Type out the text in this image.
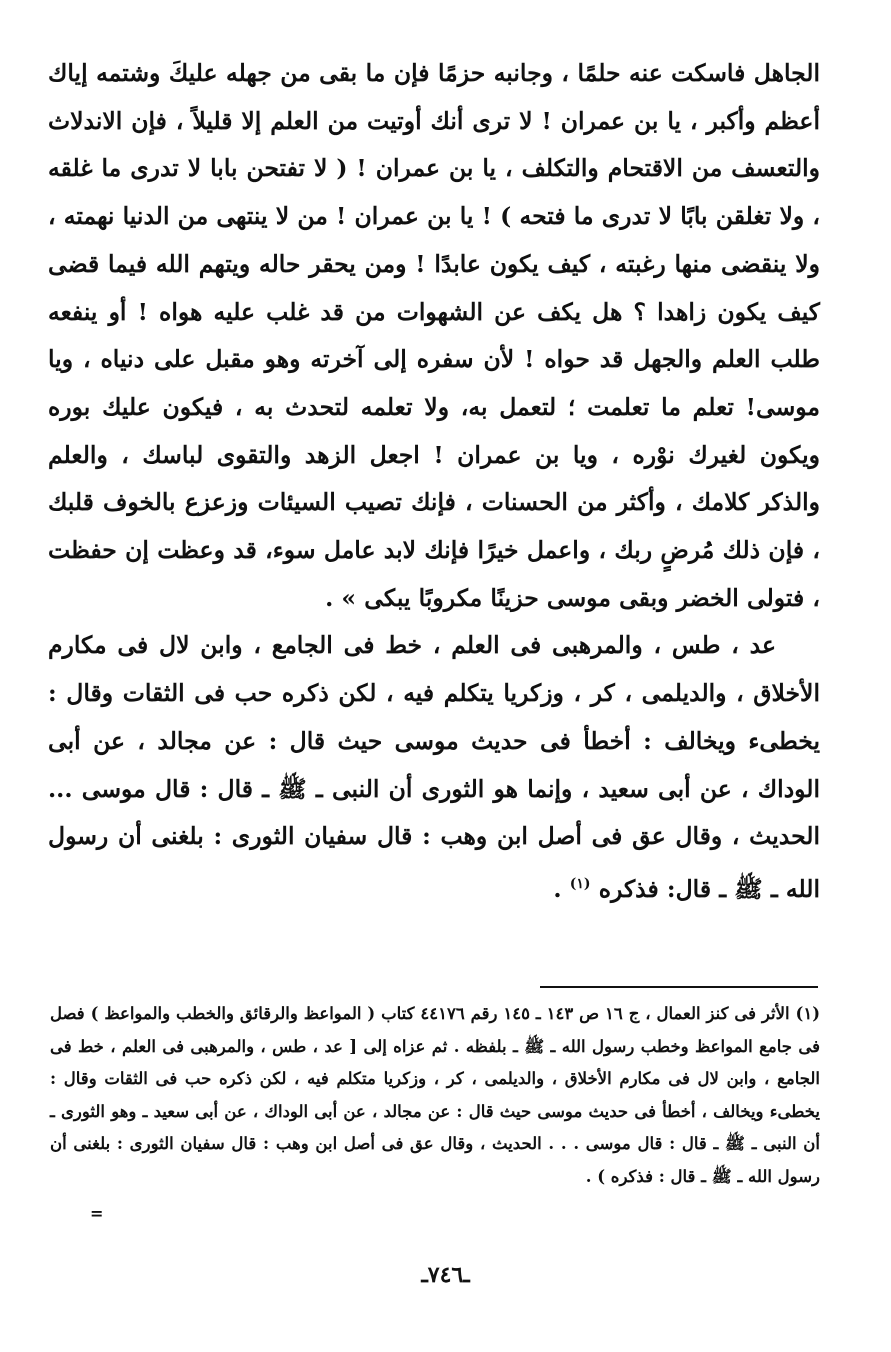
الجاهل فاسكت عنه حلمًا ، وجانبه حزمًا فإن ما بقى من جهله عليكَ وشتمه إياك أعظم وأكبر ، يا بن عمران ! لا ترى أنك أوتيت من العلم إلا قليلاً ، فإن الاندلاث والتعسف من الاقتحام والتكلف ، يا بن عمران ! ( لا تفتحن بابا لا تدرى ما غلقه ، ولا تغلقن بابًا لا تدرى ما فتحه ) ! يا بن عمران ! من لا ينتهى من الدنيا نهمته ، ولا ينقضى منها رغبته ، كيف يكون عابدًا ! ومن يحقر حاله ويتهم الله فيما قضى كيف يكون زاهدا ؟ هل يكف عن الشهوات من قد غلب عليه هواه ! أو ينفعه طلب العلم والجهل قد حواه ! لأن سفره إلى آخرته وهو مقبل على دنياه ، ويا موسى! تعلم ما تعلمت ؛ لتعمل به، ولا تعلمه لتحدث به ، فيكون عليك بوره ويكون لغيرك نوْره ، ويا بن عمران ! اجعل الزهد والتقوى لباسك ، والعلم والذكر كلامك ، وأكثر من الحسنات ، فإنك تصيب السيئات وزعزع بالخوف قلبك ، فإن ذلك مُرضٍ ربك ، واعمل خيرًا فإنك لابد عامل سوء، قد وعظت إن حفظت ، فتولى الخضر وبقى موسى حزينًا مكروبًا يبكى » .

عد ، طس ، والمرهبى فى العلم ، خط فى الجامع ، وابن لال فى مكارم الأخلاق ، والديلمى ، كر ، وزكريا يتكلم فيه ، لكن ذكره حب فى الثقات وقال : يخطىء ويخالف : أخطأ فى حديث موسى حيث قال : عن مجالد ، عن أبى الوداك ، عن أبى سعيد ، وإنما هو الثورى أن النبى ـ ﷺ ـ قال : قال موسى ... الحديث ، وقال عق فى أصل ابن وهب : قال سفيان الثورى : بلغنى أن رسول الله ـ ﷺ ـ قال: فذكره $^{(١)}$ .

(١) الأثر فى كنز العمال ، ج ١٦ ص ١٤٣ ـ ١٤٥ رقم ٤٤١٧٦ كتاب ( المواعظ والرقائق والخطب والمواعظ ) فصل فى جامع المواعظ وخطب رسول الله ـ ﷺ ـ بلفظه . ثم عزاه إلى [ عد ، طس ، والمرهبى فى العلم ، خط فى الجامع ، وابن لال فى مكارم الأخلاق ، والديلمى ، كر ، وزكريا متكلم فيه ، لكن ذكره حب فى الثقات وقال : يخطىء ويخالف ، أخطأ فى حديث موسى حيث قال : عن مجالد ، عن أبى الوداك ، عن أبى سعيد ـ وهو الثورى ـ أن النبى ـ ﷺ ـ قال : قال موسى . . . الحديث ، وقال عق فى أصل ابن وهب : قال سفيان الثورى : بلغنى أن رسول الله ـ ﷺ ـ قال : فذكره ) .

=
ـ٧٤٦ـ
